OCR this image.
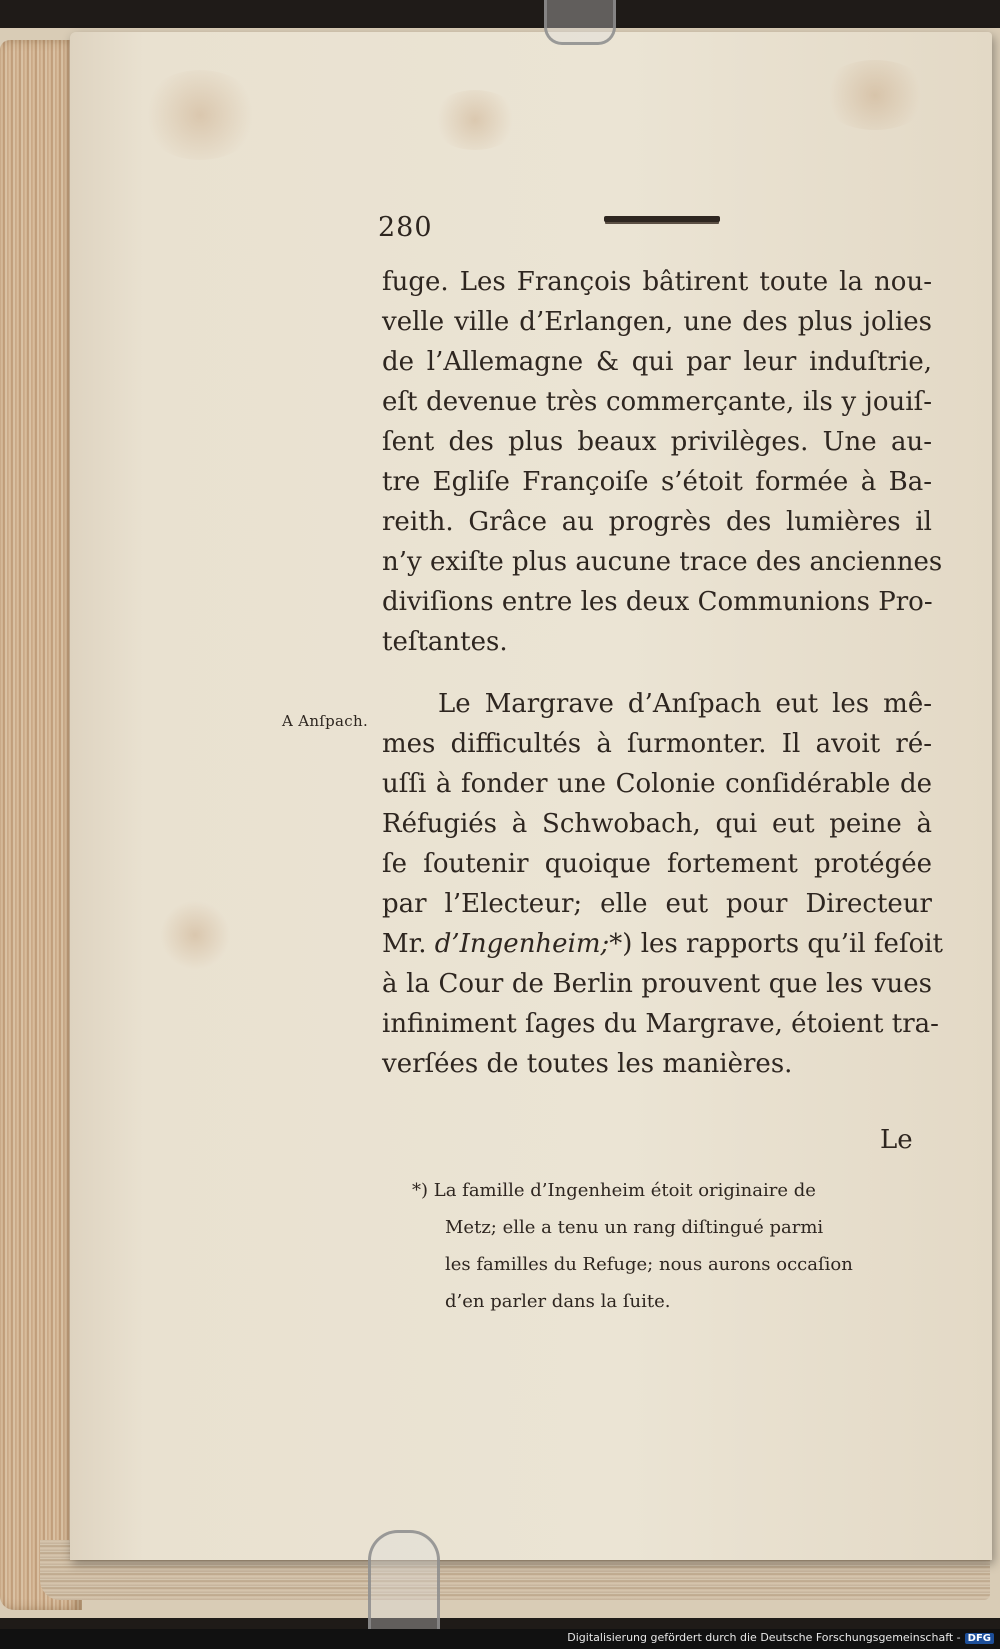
280
A Anſpach.
fuge. Les François bâtirent toute la nou-
velle ville d’Erlangen, une des plus jolies
de l’Allemagne & qui par leur induſtrie,
eſt devenue très commerçante, ils y jouiſ-
ſent des plus beaux privilèges. Une au-
tre Egliſe Françoiſe s’étoit formée à Ba-
reith. Grâce au progrès des lumières il
n’y exiſte plus aucune trace des anciennes
diviſions entre les deux Communions Pro-
teſtantes.
Le Margrave d’Anſpach eut les mê-
mes difficultés à ſurmonter. Il avoit ré-
uſſi à fonder une Colonie conſidérable de
Réfugiés à Schwobach, qui eut peine à
ſe ſoutenir quoique fortement protégée
par l’Electeur; elle eut pour Directeur
Mr. d’Ingenheim;*) les rapports qu’il feſoit
à la Cour de Berlin prouvent que les vues
infiniment ſages du Margrave, étoient tra-
verſées de toutes les manières.
Le
*) La famille d’Ingenheim étoit originaire de
Metz; elle a tenu un rang diſtingué parmi
les familles du Refuge; nous aurons occaſion
d’en parler dans la ſuite.
Digitalisierung gefördert durch die Deutsche Forschungsgemeinschaft - DFG
